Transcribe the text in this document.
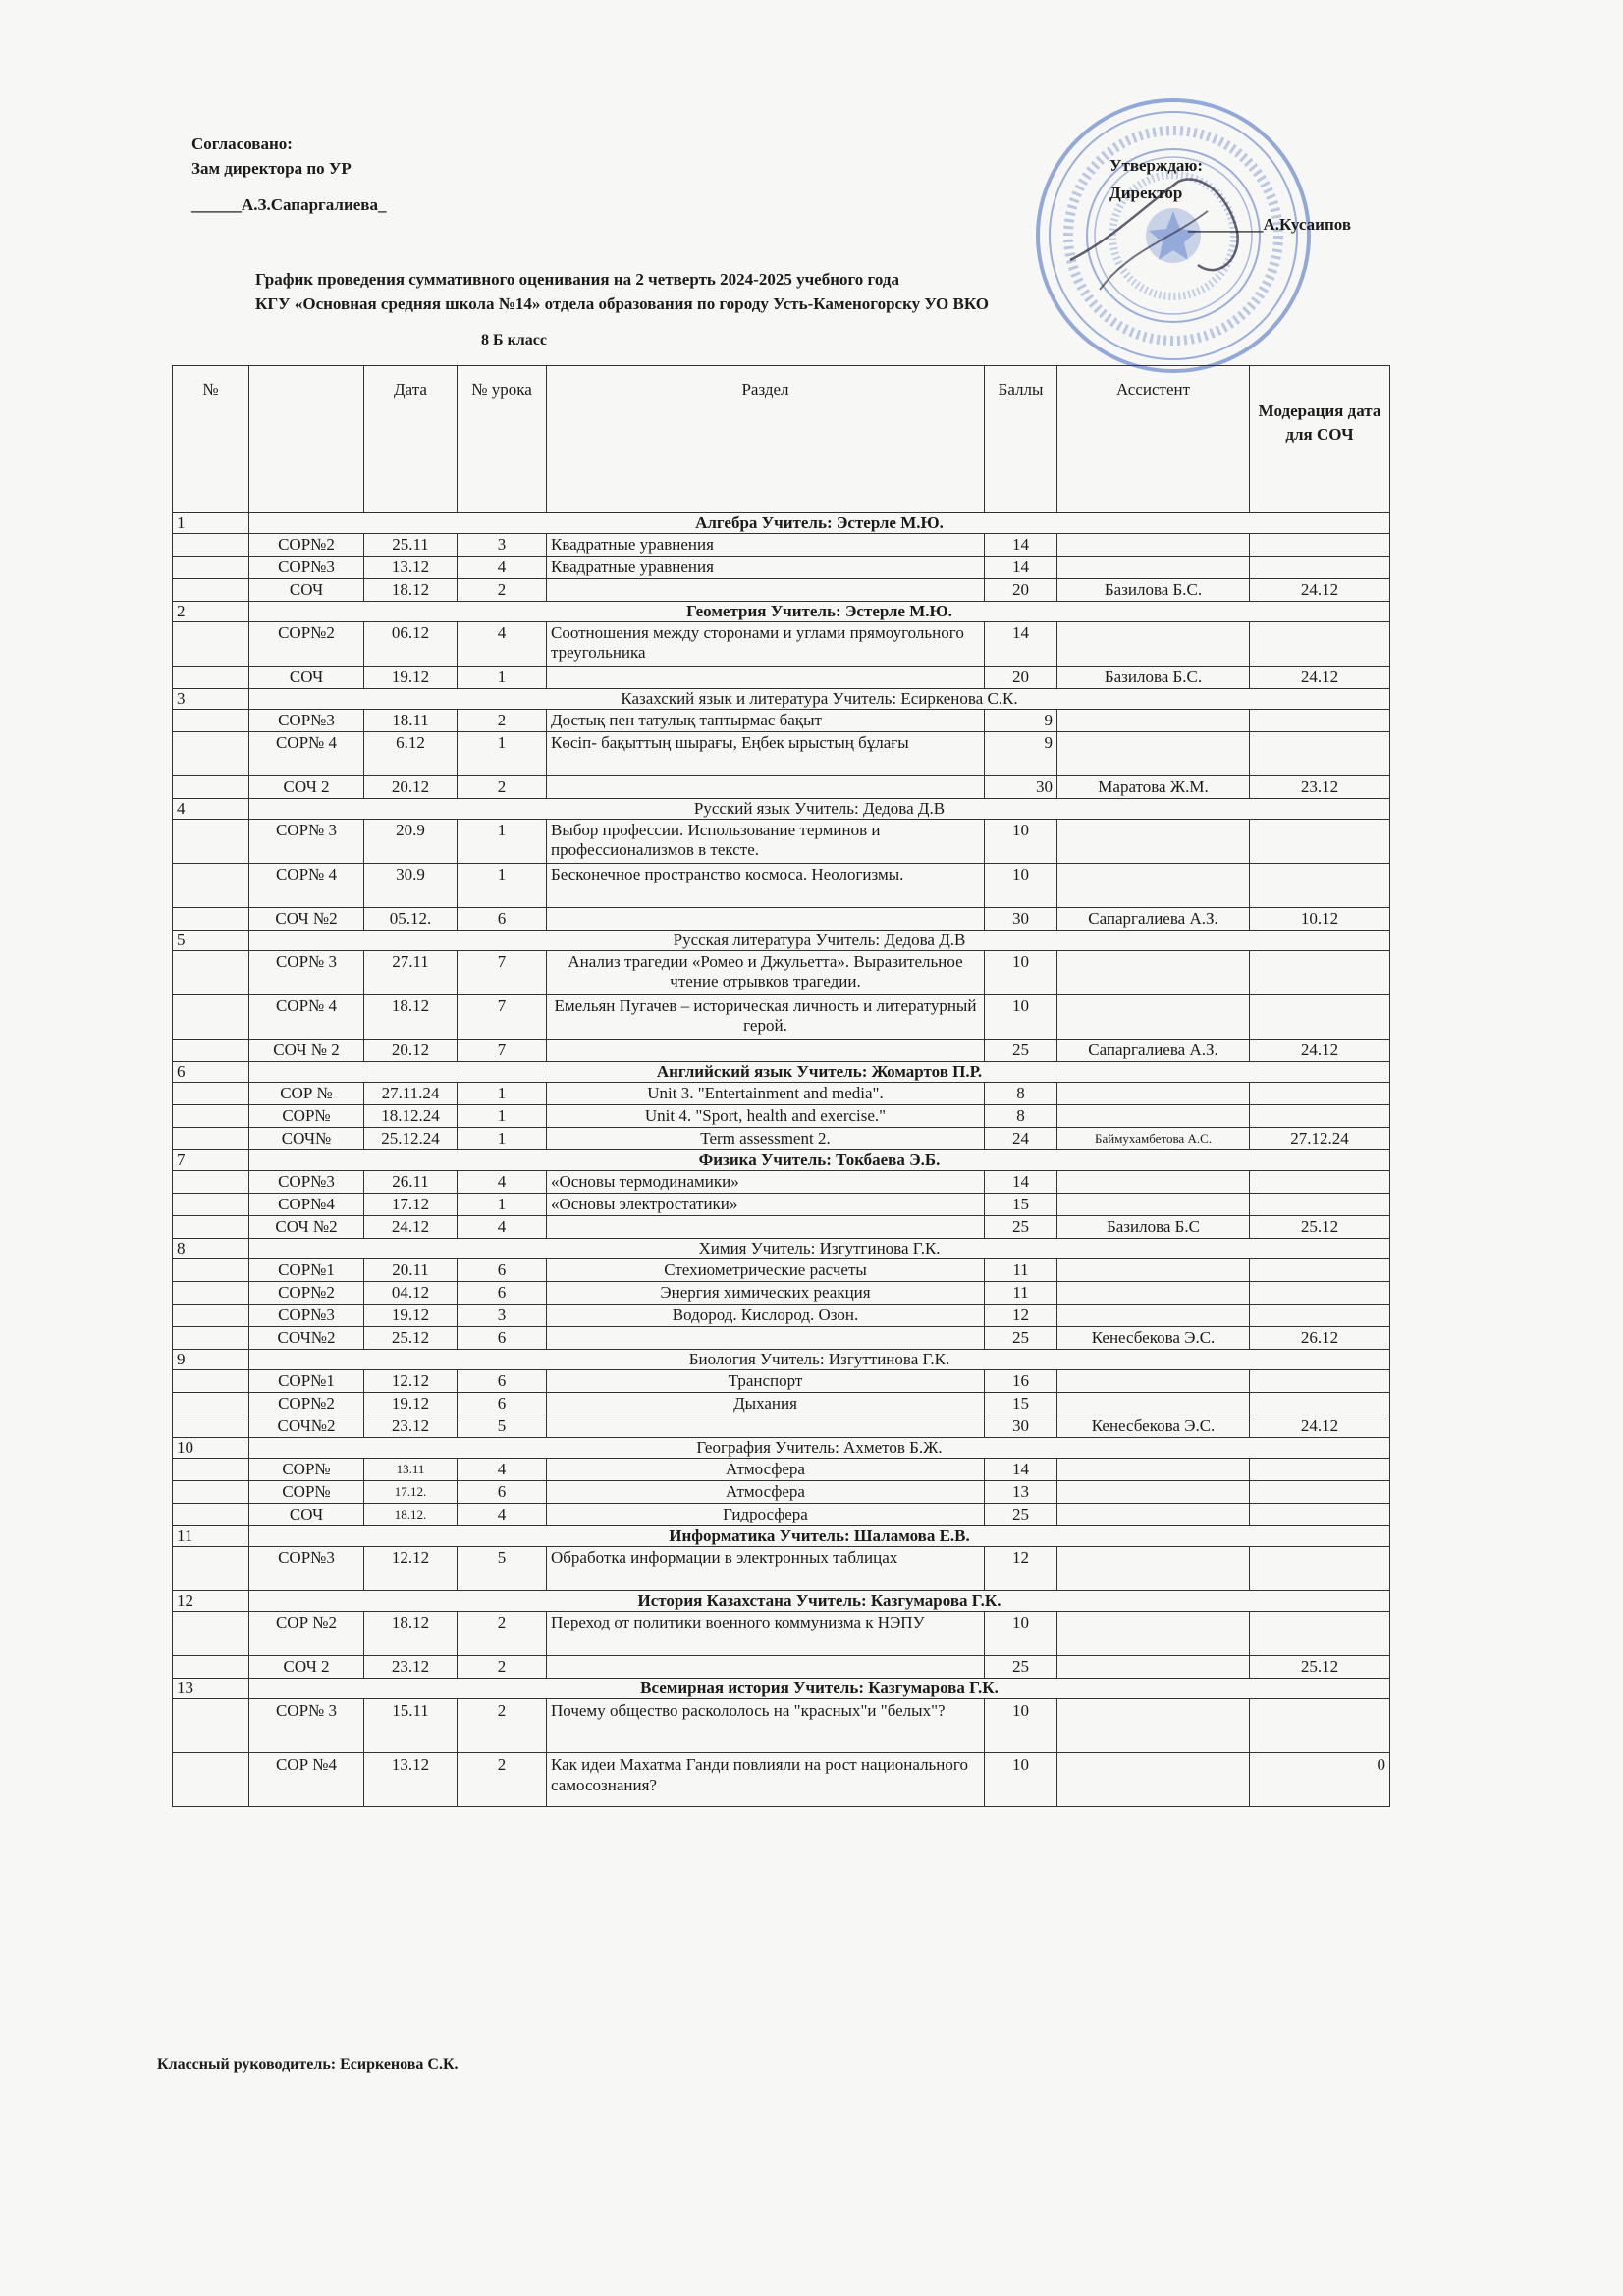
Согласовано:
Зам директора по УР
______А.З.Сапаргалиева_
Утверждаю:
Директор
_________А.Кусаипов
График проведения суммативного оценивания на 2 четверть 2024-2025 учебного года
КГУ «Основная средняя школа №14» отдела образования по городу Усть-Каменогорску УО ВКО
8 Б класс
№		Дата	№ урока	Раздел	Баллы	Ассистент	Модерация дата для СОЧ
1	Алгебра Учитель: Эстерле М.Ю.						
	СОР№2	25.11	3	Квадратные уравнения	14		
	СОР№3	13.12	4	Квадратные уравнения	14		
	СОЧ	18.12	2		20	Базилова Б.С.	24.12
2	Геометрия Учитель: Эстерле М.Ю.						
	СОР№2	06.12	4	Соотношения между сторонами и углами прямоугольного треугольника	14		
	СОЧ	19.12	1		20	Базилова Б.С.	24.12
3	Казахский язык и литература Учитель: Есиркенова С.К.						
	СОР№3	18.11	2	Достық пен татулық таптырмас бақыт	9		
	СОР№ 4	6.12	1	Көсіп- бақыттың шырағы, Еңбек ырыстың бұлағы	9		
	СОЧ 2	20.12	2		30	Маратова Ж.М.	23.12
4	Русский язык Учитель: Дедова Д.В						
	СОР№ 3	20.9	1	Выбор профессии. Использование терминов и профессионализмов в тексте.	10		
	СОР№ 4	30.9	1	Бесконечное пространство космоса. Неологизмы.	10		
	СОЧ №2	05.12.	6		30	Сапаргалиева А.З.	10.12
5	Русская литература Учитель: Дедова Д.В						
	СОР№ 3	27.11	7	Анализ трагедии «Ромео и Джульетта». Выразительное чтение отрывков трагедии.	10		
	СОР№ 4	18.12	7	Емельян Пугачев – историческая личность и литературный герой.	10		
	СОЧ № 2	20.12	7		25	Сапаргалиева А.З.	24.12
6	Английский язык Учитель: Жомартов П.Р.						
	СОР №	27.11.24	1	Unit 3. "Entertainment and media".	8		
	СОР№	18.12.24	1	Unit 4. "Sport, health and exercise."	8		
	СОЧ№	25.12.24	1	Term assessment 2.	24	Баймухамбетова А.С.	27.12.24
7	Физика Учитель: Токбаева Э.Б.						
	СОР№3	26.11	4	«Основы термодинамики»	14		
	СОР№4	17.12	1	«Основы электростатики»	15		
	СОЧ №2	24.12	4		25	Базилова Б.С	25.12
8	Химия Учитель: Изгутгинова Г.К.						
	СОР№1	20.11	6	Стехиометрические расчеты	11		
	СОР№2	04.12	6	Энергия химических реакция	11		
	СОР№3	19.12	3	Водород. Кислород. Озон.	12		
	СОЧ№2	25.12	6		25	Кенесбекова Э.С.	26.12
9	Биология Учитель: Изгуттинова Г.К.						
	СОР№1	12.12	6	Транспорт	16		
	СОР№2	19.12	6	Дыхания	15		
	СОЧ№2	23.12	5		30	Кенесбекова Э.С.	24.12
10	География Учитель: Ахметов Б.Ж.						
	СОР№	13.11	4	Атмосфера	14		
	СОР№	17.12.	6	Атмосфера	13		
	СОЧ	18.12.	4	Гидросфера	25		
11	Информатика Учитель: Шаламова Е.В.						
	СОР№3	12.12	5	Обработка информации в электронных таблицах	12		
12	История Казахстана Учитель: Казгумарова Г.К.						
	СОР №2	18.12	2	Переход от политики военного коммунизма к НЭПУ	10		
	СОЧ 2	23.12	2		25		25.12
13	Всемирная история Учитель: Казгумарова Г.К.						
	СОР№ 3	15.11	2	Почему общество раскололось на "красных"и "белых"?	10		
	СОР №4	13.12	2	Как идеи Махатма Ганди повлияли на рост национального самосознания?	10		0
Классный руководитель: Есиркенова С.К.
